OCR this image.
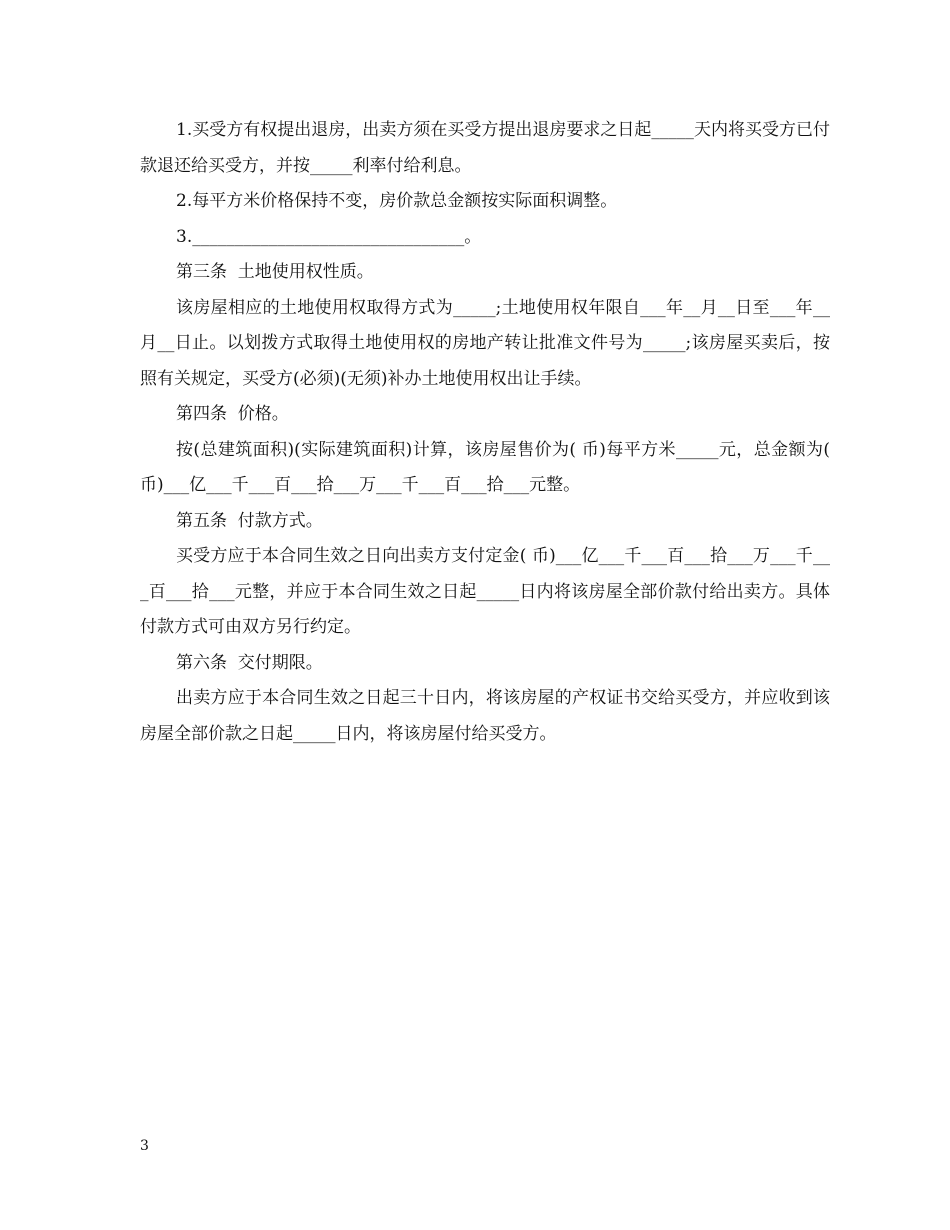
1.买受方有权提出退房，出卖方须在买受方提出退房要求之日起_____天内将买受方已付款退还给买受方，并按_____利率付给利息。

2.每平方米价格保持不变，房价款总金额按实际面积调整。

3.________________________________。

第三条  土地使用权性质。

该房屋相应的土地使用权取得方式为_____;土地使用权年限自___年__月__日至___年__月__日止。以划拨方式取得土地使用权的房地产转让批准文件号为_____;该房屋买卖后，按照有关规定，买受方(必须)(无须)补办土地使用权出让手续。

第四条  价格。

按(总建筑面积)(实际建筑面积)计算，该房屋售价为( 币)每平方米_____元，总金额为( 币)___亿___千___百___拾___万___千___百___拾___元整。

第五条  付款方式。

买受方应于本合同生效之日向出卖方支付定金( 币)___亿___千___百___拾___万___千___百___拾___元整，并应于本合同生效之日起_____日内将该房屋全部价款付给出卖方。具体付款方式可由双方另行约定。

第六条  交付期限。

出卖方应于本合同生效之日起三十日内，将该房屋的产权证书交给买受方，并应收到该房屋全部价款之日起_____日内，将该房屋付给买受方。

3
